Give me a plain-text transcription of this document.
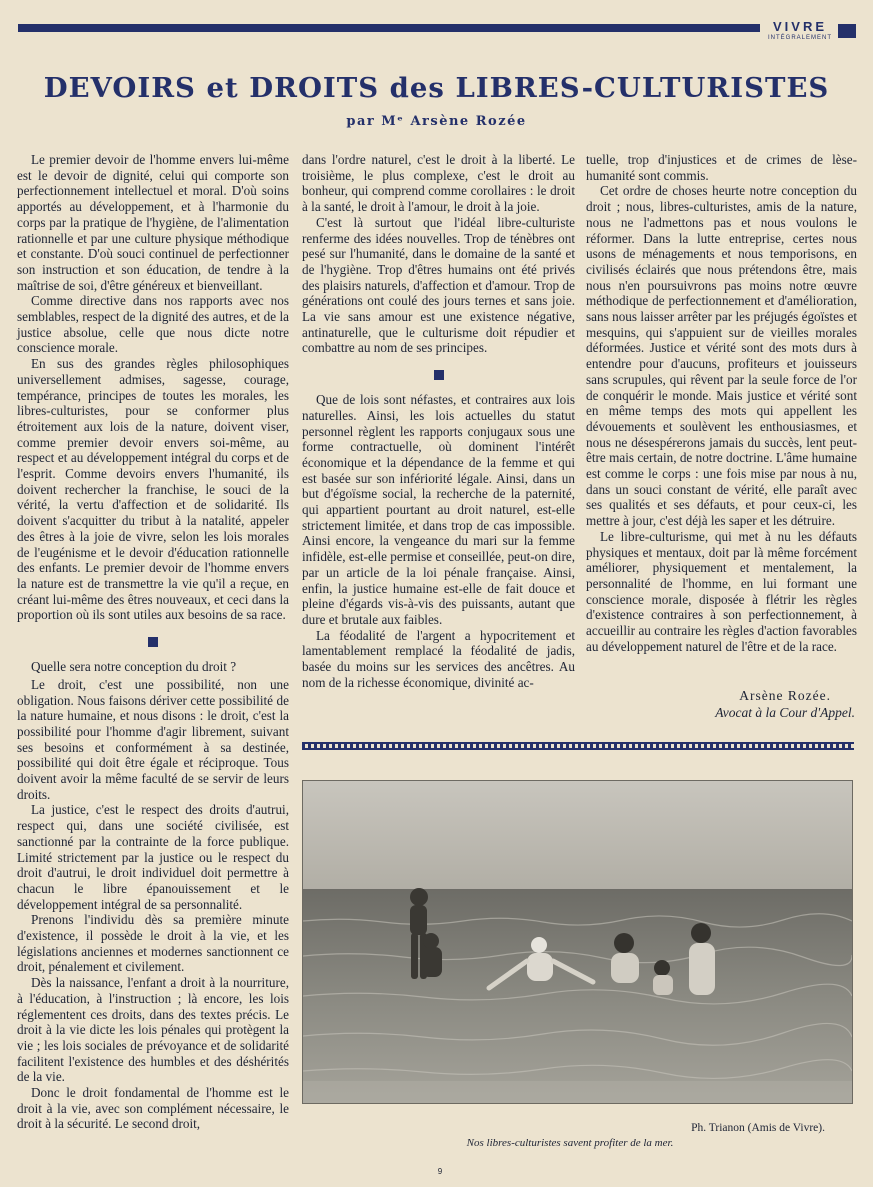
VIVRE
INTÉGRALEMENT
DEVOIRS et DROITS des LIBRES-CULTURISTES

par Mᵉ Arsène Rozée

Le premier devoir de l'homme envers lui-même est le devoir de dignité, celui qui comporte son perfectionnement intellectuel et moral. D'où soins apportés au développement, et à l'harmonie du corps par la pratique de l'hygiène, de l'alimentation rationnelle et par une culture physique méthodique et constante. D'où souci continuel de perfectionner son instruction et son éducation, de tendre à la maîtrise de soi, d'être généreux et bienveillant.

Comme directive dans nos rapports avec nos semblables, respect de la dignité des autres, et de la justice absolue, celle que nous dicte notre conscience morale.

En sus des grandes règles philosophiques universellement admises, sagesse, courage, tempérance, principes de toutes les morales, les libres-culturistes, pour se conformer plus étroitement aux lois de la nature, doivent viser, comme premier devoir envers soi-même, au respect et au développement intégral du corps et de l'esprit. Comme devoirs envers l'humanité, ils doivent rechercher la franchise, le souci de la vérité, la vertu d'affection et de solidarité. Ils doivent s'acquitter du tribut à la natalité, appeler des êtres à la joie de vivre, selon les lois morales de l'eugénisme et le devoir d'éducation rationnelle des enfants. Le premier devoir de l'homme envers la nature est de transmettre la vie qu'il a reçue, en créant lui-même des êtres nouveaux, et ceci dans la proportion où ils sont utiles aux besoins de sa race.

Quelle sera notre conception du droit ?

Le droit, c'est une possibilité, non une obligation. Nous faisons dériver cette possibilité de la nature humaine, et nous disons : le droit, c'est la possibilité pour l'homme d'agir librement, suivant ses besoins et conformément à sa destinée, possibilité qui doit être égale et réciproque. Tous doivent avoir la même faculté de se servir de leurs droits.

La justice, c'est le respect des droits d'autrui, respect qui, dans une société civilisée, est sanctionné par la contrainte de la force publique. Limité strictement par la justice ou le respect du droit d'autrui, le droit individuel doit permettre à chacun le libre épanouissement et le développement intégral de sa personnalité.

Prenons l'individu dès sa première minute d'existence, il possède le droit à la vie, et les législations anciennes et modernes sanctionnent ce droit, pénalement et civilement.

Dès la naissance, l'enfant a droit à la nourriture, à l'éducation, à l'instruction ; là encore, les lois réglementent ces droits, dans des textes précis. Le droit à la vie dicte les lois pénales qui protègent la vie ; les lois sociales de prévoyance et de solidarité facilitent l'existence des humbles et des déshérités de la vie.

Donc le droit fondamental de l'homme est le droit à la vie, avec son complément nécessaire, le droit à la sécurité. Le second droit,

dans l'ordre naturel, c'est le droit à la liberté. Le troisième, le plus complexe, c'est le droit au bonheur, qui comprend comme corollaires : le droit à la santé, le droit à l'amour, le droit à la joie.

C'est là surtout que l'idéal libre-culturiste renferme des idées nouvelles. Trop de ténèbres ont pesé sur l'humanité, dans le domaine de la santé et de l'hygiène. Trop d'êtres humains ont été privés des plaisirs naturels, d'affection et d'amour. Trop de générations ont coulé des jours ternes et sans joie. La vie sans amour est une existence négative, antinaturelle, que le culturisme doit répudier et combattre au nom de ses principes.

Que de lois sont néfastes, et contraires aux lois naturelles. Ainsi, les lois actuelles du statut personnel règlent les rapports conjugaux sous une forme contractuelle, où dominent l'intérêt économique et la dépendance de la femme et qui est basée sur son infériorité légale. Ainsi, dans un but d'égoïsme social, la recherche de la paternité, qui appartient pourtant au droit naturel, est-elle strictement limitée, et dans trop de cas impossible. Ainsi encore, la vengeance du mari sur la femme infidèle, est-elle permise et conseillée, peut-on dire, par un article de la loi pénale française. Ainsi, enfin, la justice humaine est-elle de fait douce et pleine d'égards vis-à-vis des puissants, autant que dure et brutale aux faibles.

La féodalité de l'argent a hypocritement et lamentablement remplacé la féodalité de jadis, basée du moins sur les services des ancêtres. Au nom de la richesse économique, divinité ac-

tuelle, trop d'injustices et de crimes de lèse-humanité sont commis.

Cet ordre de choses heurte notre conception du droit ; nous, libres-culturistes, amis de la nature, nous ne l'admettons pas et nous voulons le réformer. Dans la lutte entreprise, certes nous usons de ménagements et nous temporisons, en civilisés éclairés que nous prétendons être, mais nous n'en poursuivrons pas moins notre œuvre méthodique de perfectionnement et d'amélioration, sans nous laisser arrêter par les préjugés égoïstes et mesquins, qui s'appuient sur de vieilles morales déformées. Justice et vérité sont des mots durs à entendre pour d'aucuns, profiteurs et jouisseurs sans scrupules, qui rêvent par la seule force de l'or de conquérir le monde. Mais justice et vérité sont en même temps des mots qui appellent les dévouements et soulèvent les enthousiasmes, et nous ne désespérerons jamais du succès, lent peut-être mais certain, de notre doctrine. L'âme humaine est comme le corps : une fois mise par nous à nu, dans un souci constant de vérité, elle paraît avec ses qualités et ses défauts, et pour ceux-ci, les mettre à jour, c'est déjà les saper et les détruire.

Le libre-culturisme, qui met à nu les défauts physiques et mentaux, doit par là même forcément améliorer, physiquement et mentalement, la personnalité de l'homme, en lui formant une conscience morale, disposée à flétrir les règles d'existence contraires à son perfectionnement, à accueillir au contraire les règles d'action favorables au développement naturel de l'être et de la race.

Arsène Rozée.

Avocat à la Cour d'Appel.

Ph. Trianon (Amis de Vivre).

Nos libres-culturistes savent profiter de la mer.

9
